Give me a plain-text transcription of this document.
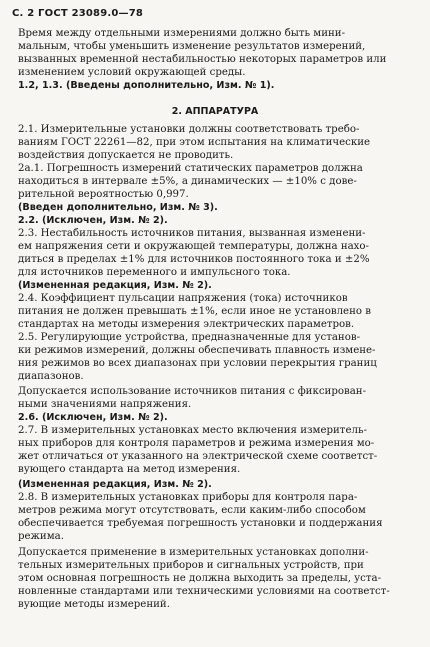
С. 2 ГОСТ 23089.0—78
Время между отдельными измерениями должно быть мини-
мальным, чтобы уменьшить изменение результатов измерений,
вызванных временной нестабильностью некоторых параметров или
изменением условий окружающей среды.
1.2, 1.3. (Введены дополнительно, Изм. № 1).
2. АППАРАТУРА
2.1. Измерительные установки должны соответствовать требо-
ваниям ГОСТ 22261—82, при этом испытания на климатические
воздействия допускается не проводить.
2а.1. Погрешность измерений статических параметров должна
находиться в интервале ±5%, а динамических — ±10% с дове-
рительной вероятностью 0,997.
(Введен дополнительно, Изм. № 3).
2.2. (Исключен, Изм. № 2).
2.3. Нестабильность источников питания, вызванная изменени-
ем напряжения сети и окружающей температуры, должна нахо-
диться в пределах ±1% для источников постоянного тока и ±2%
для источников переменного и импульсного тока.
(Измененная редакция, Изм. № 2).
2.4. Коэффициент пульсации напряжения (тока) источников
питания не должен превышать ±1%, если иное не установлено в
стандартах на методы измерения электрических параметров.
2.5. Регулирующие устройства, предназначенные для установ-
ки режимов измерений, должны обеспечивать плавность измене-
ния режимов во всех диапазонах при условии перекрытия границ
диапазонов.
Допускается использование источников питания с фиксирован-
ными значениями напряжения.
2.6. (Исключен, Изм. № 2).
2.7. В измерительных установках место включения измеритель-
ных приборов для контроля параметров и режима измерения мо-
жет отличаться от указанного на электрической схеме соответст-
вующего стандарта на метод измерения.
(Измененная редакция, Изм. № 2).
2.8. В измерительных установках приборы для контроля пара-
метров режима могут отсутствовать, если каким-либо способом
обеспечивается требуемая погрешность установки и поддержания
режима.
Допускается применение в измерительных установках дополни-
тельных измерительных приборов и сигнальных устройств, при
этом основная погрешность не должна выходить за пределы, уста-
новленные стандартами или техническими условиями на соответст-
вующие методы измерений.
